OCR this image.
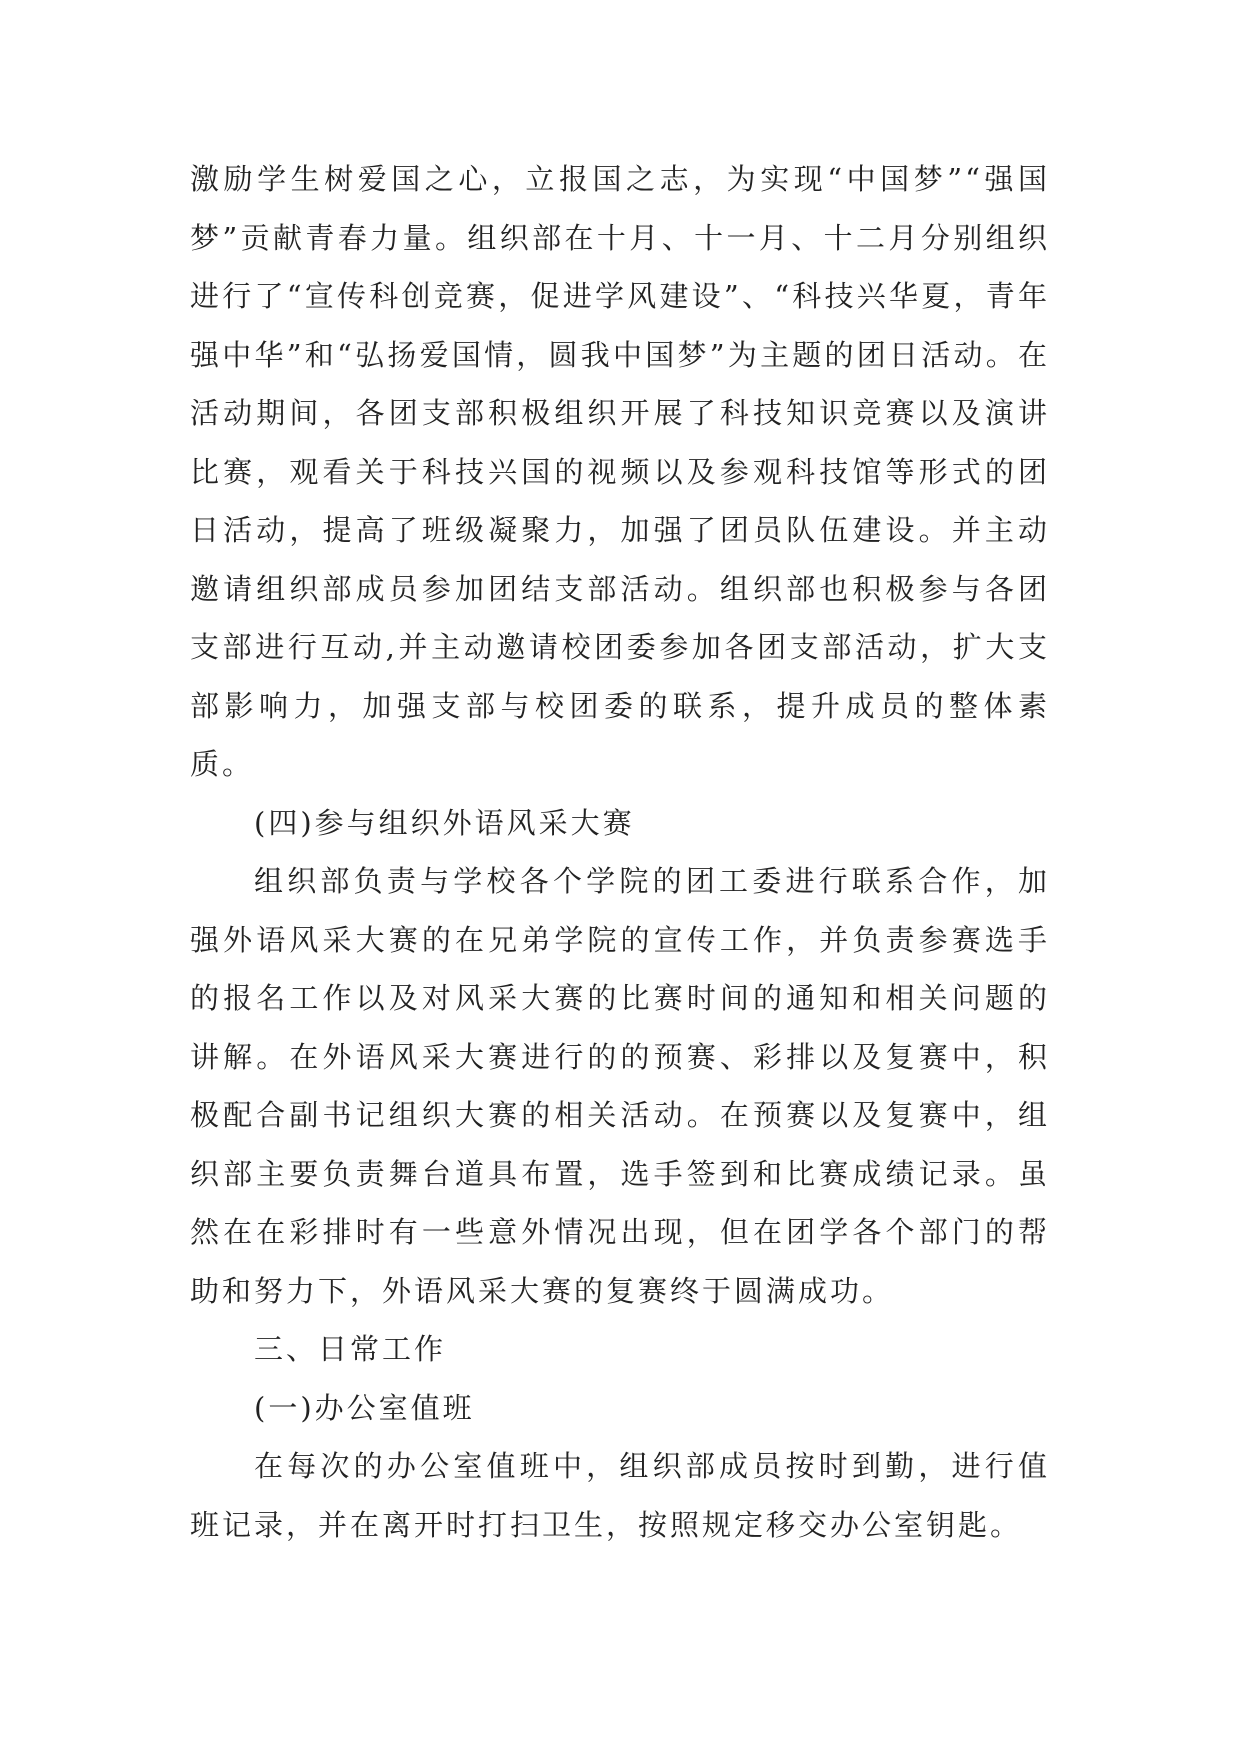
激励学生树爱国之心，立报国之志，为实现“中国梦”“强国梦”贡献青春力量。组织部在十月、十一月、十二月分别组织进行了“宣传科创竞赛，促进学风建设”、“科技兴华夏，青年强中华”和“弘扬爱国情，圆我中国梦”为主题的团日活动。在活动期间，各团支部积极组织开展了科技知识竞赛以及演讲比赛，观看关于科技兴国的视频以及参观科技馆等形式的团日活动，提高了班级凝聚力，加强了团员队伍建设。并主动邀请组织部成员参加团结支部活动。组织部也积极参与各团支部进行互动,并主动邀请校团委参加各团支部活动，扩大支部影响力，加强支部与校团委的联系，提升成员的整体素质。

(四)参与组织外语风采大赛

组织部负责与学校各个学院的团工委进行联系合作，加强外语风采大赛的在兄弟学院的宣传工作，并负责参赛选手的报名工作以及对风采大赛的比赛时间的通知和相关问题的讲解。在外语风采大赛进行的的预赛、彩排以及复赛中，积极配合副书记组织大赛的相关活动。在预赛以及复赛中，组织部主要负责舞台道具布置，选手签到和比赛成绩记录。虽然在在彩排时有一些意外情况出现，但在团学各个部门的帮助和努力下，外语风采大赛的复赛终于圆满成功。

三、日常工作

(一)办公室值班

在每次的办公室值班中，组织部成员按时到勤，进行值班记录，并在离开时打扫卫生，按照规定移交办公室钥匙。
